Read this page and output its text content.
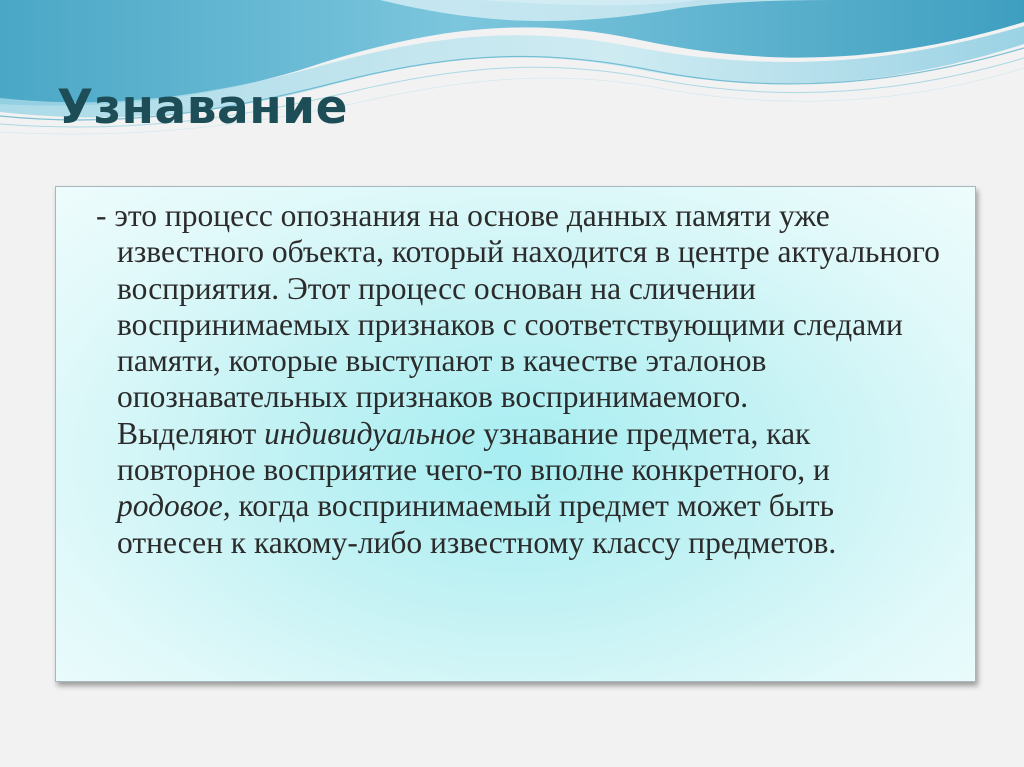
Узнавание

- это процесс опознания на основе данных памяти уже известного объекта, который находится в центре актуального восприятия. Этот процесс основан на сличении воспринимаемых признаков с соответствующими следами памяти, которые выступают в качестве эталонов опознавательных признаков воспринимаемого.

Выделяют индивидуальное узнавание предмета, как повторное восприятие чего-то вполне конкретного, и родовое, когда воспринимаемый предмет может быть отнесен к какому-либо известному классу предметов.
